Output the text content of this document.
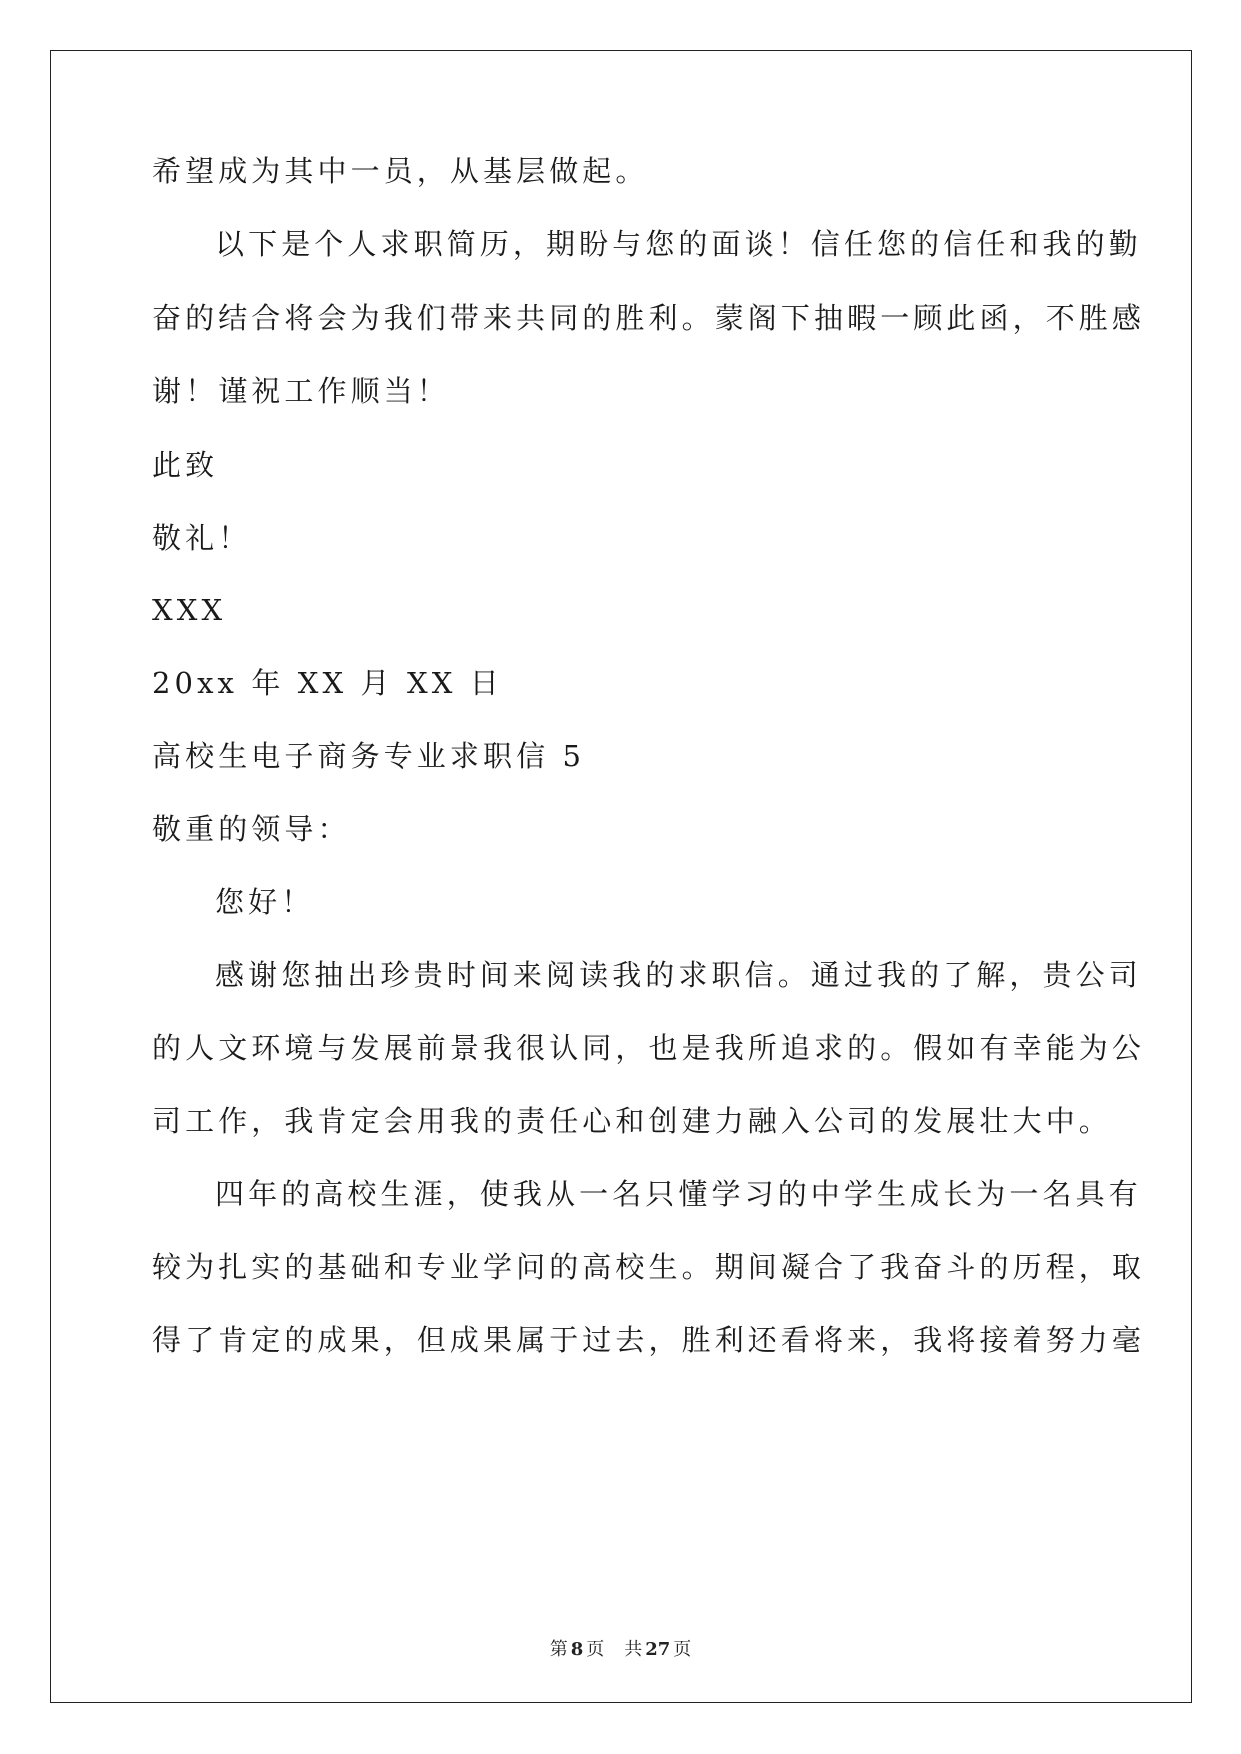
希望成为其中一员，从基层做起。
以下是个人求职简历，期盼与您的面谈！信任您的信任和我的勤
奋的结合将会为我们带来共同的胜利。蒙阁下抽暇一顾此函，不胜感
谢！谨祝工作顺当！
此致
敬礼！
XXX
20xx 年 XX 月 XX 日
高校生电子商务专业求职信 5
敬重的领导：
您好！
感谢您抽出珍贵时间来阅读我的求职信。通过我的了解，贵公司
的人文环境与发展前景我很认同，也是我所追求的。假如有幸能为公
司工作，我肯定会用我的责任心和创建力融入公司的发展壮大中。
四年的高校生涯，使我从一名只懂学习的中学生成长为一名具有
较为扎实的基础和专业学问的高校生。期间凝合了我奋斗的历程，取
得了肯定的成果，但成果属于过去，胜利还看将来，我将接着努力毫
第 8 页 共 27 页
